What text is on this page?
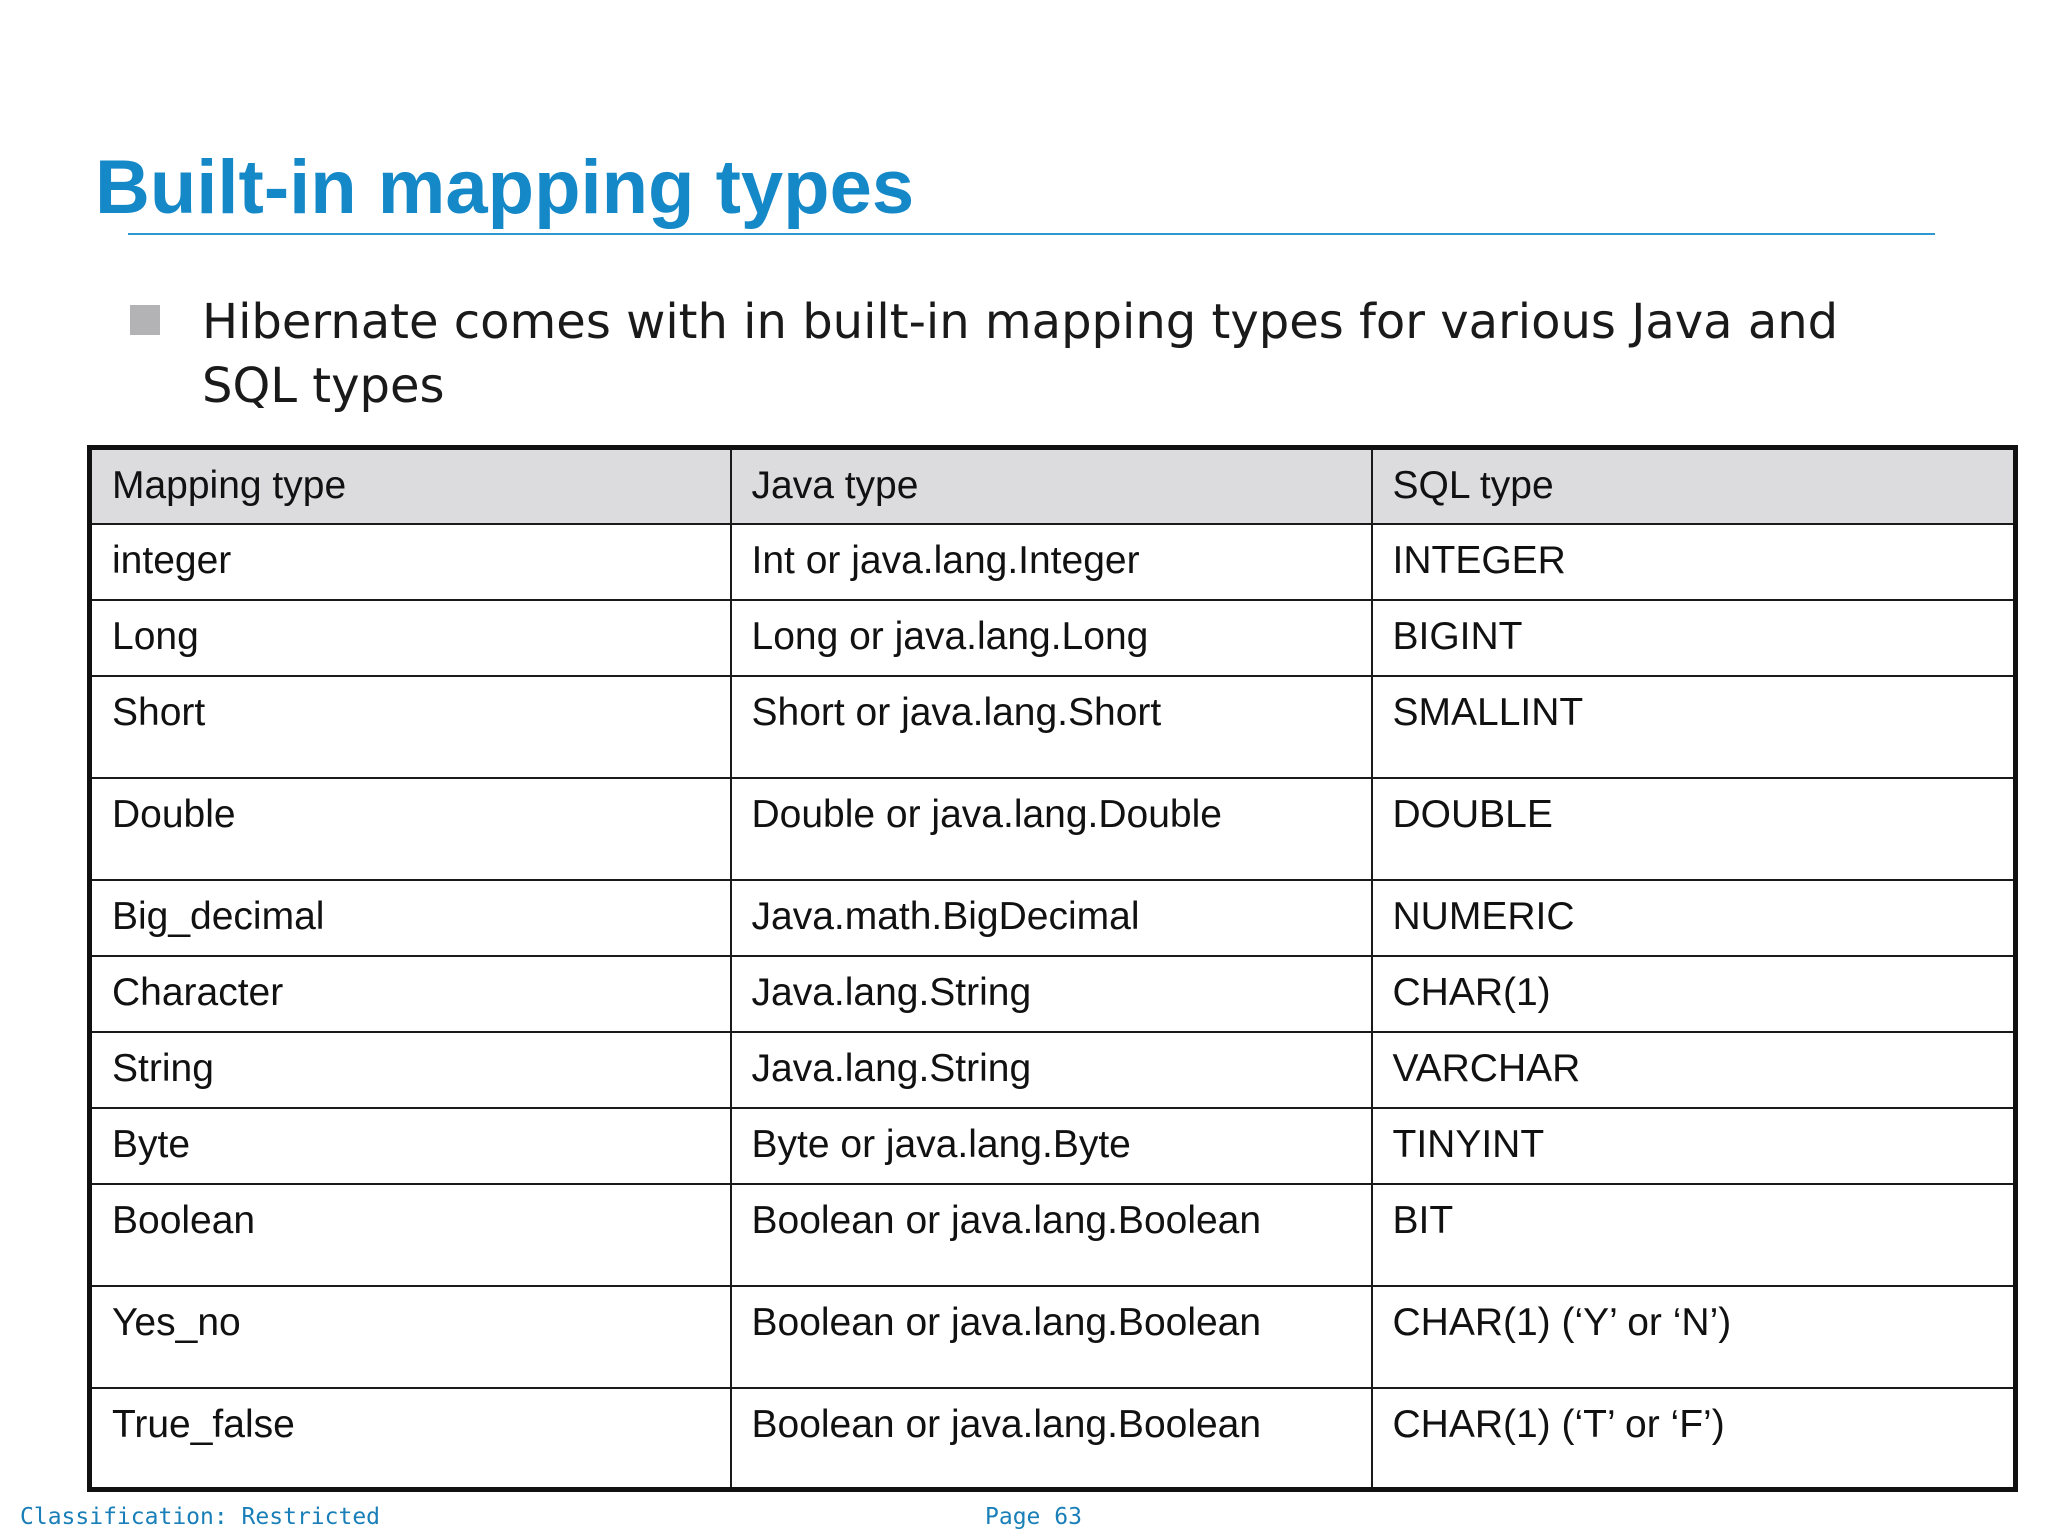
Built-in mapping types

Hibernate comes with in built-in mapping types for various Java and SQL types

Mapping type	Java type	SQL type
integer	Int or java.lang.Integer	INTEGER
Long	Long or java.lang.Long	BIGINT
Short	Short or java.lang.Short	SMALLINT
Double	Double or java.lang.Double	DOUBLE
Big_decimal	Java.math.BigDecimal	NUMERIC
Character	Java.lang.String	CHAR(1)
String	Java.lang.String	VARCHAR
Byte	Byte or java.lang.Byte	TINYINT
Boolean	Boolean or java.lang.Boolean	BIT
Yes_no	Boolean or java.lang.Boolean	CHAR(1) (‘Y’ or ‘N’)
True_false	Boolean or java.lang.Boolean	CHAR(1) (‘T’ or ‘F’)

Classification: Restricted	Page 63
